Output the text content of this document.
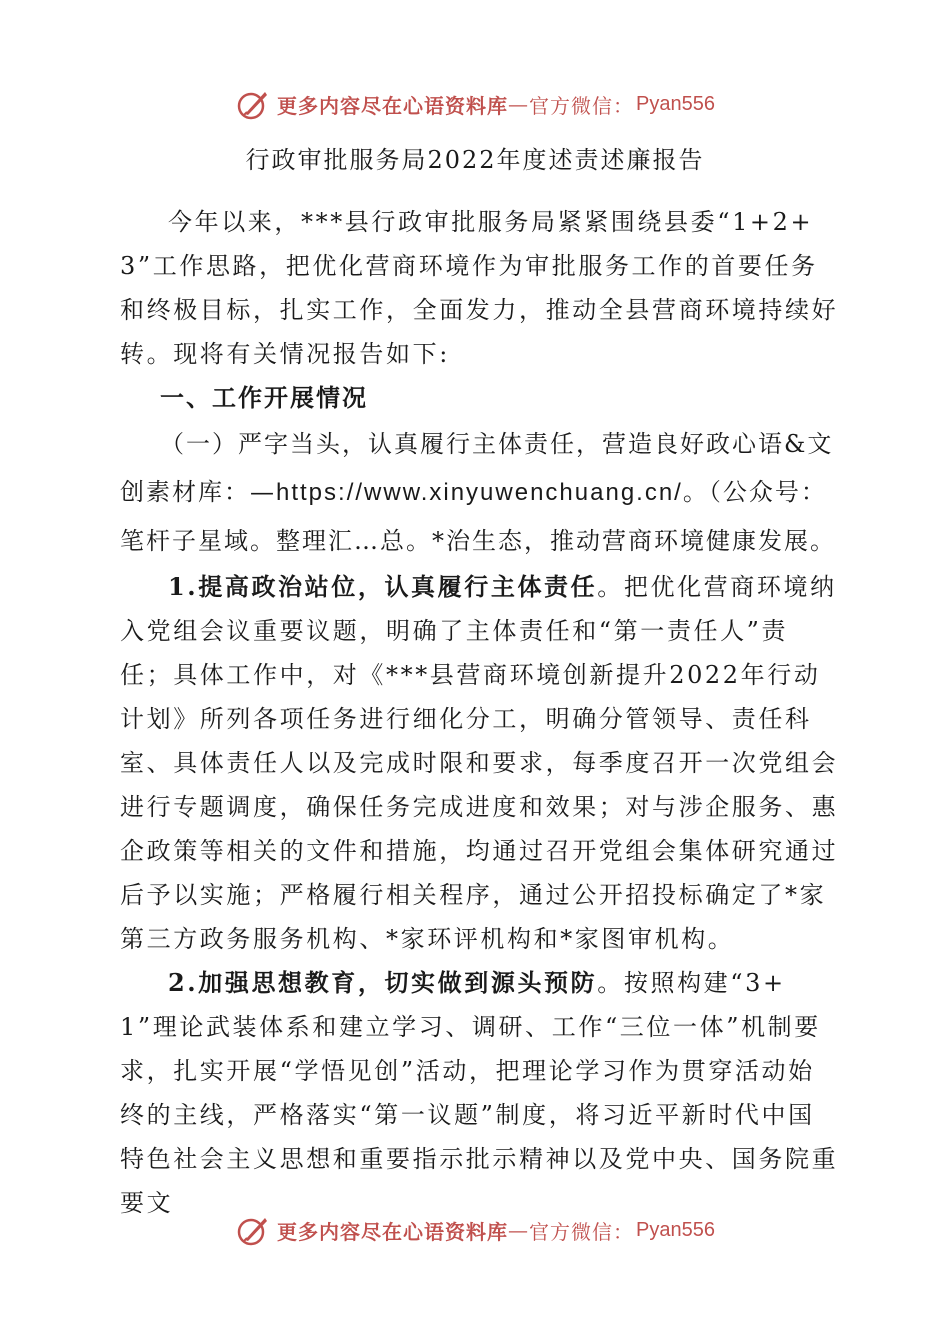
更多内容尽在心语资料库 — 官方微信： Pyan556
行政审批服务局2022年度述责述廉报告

今年以来，***县行政审批服务局紧紧围绕县委“1+2+3”工作思路，把优化营商环境作为审批服务工作的首要任务和终极目标，扎实工作，全面发力，推动全县营商环境持续好转。现将有关情况报告如下:

一、工作开展情况

（一）严字当头，认真履行主体责任，营造良好政心语&文创素材库：—https://www.xinyuwenchuang.cn/。（公众号：笔杆子星域。整理汇…总。*治生态，推动营商环境健康发展。

1.提高政治站位，认真履行主体责任。把优化营商环境纳入党组会议重要议题，明确了主体责任和“第一责任人”责任；具体工作中，对《***县营商环境创新提升2022年行动计划》所列各项任务进行细化分工，明确分管领导、责任科室、具体责任人以及完成时限和要求，每季度召开一次党组会进行专题调度，确保任务完成进度和效果；对与涉企服务、惠企政策等相关的文件和措施，均通过召开党组会集体研究通过后予以实施；严格履行相关程序，通过公开招投标确定了*家第三方政务服务机构、*家环评机构和*家图审机构。

2.加强思想教育，切实做到源头预防。按照构建“3+1”理论武装体系和建立学习、调研、工作“三位一体”机制要求，扎实开展“学悟见创”活动，把理论学习作为贯穿活动始终的主线，严格落实“第一议题”制度，将习近平新时代中国特色社会主义思想和重要指示批示精神以及党中央、国务院重要文

更多内容尽在心语资料库 — 官方微信： Pyan556
